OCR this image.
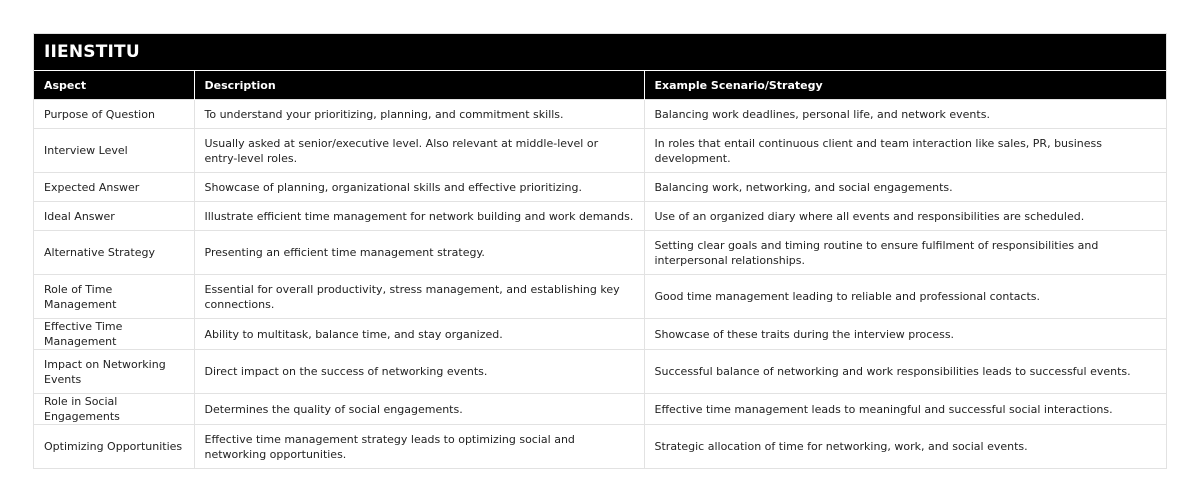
IIENSTITU
Aspect	Description	Example Scenario/Strategy
Purpose of Question	To understand your prioritizing, planning, and commitment skills.	Balancing work deadlines, personal life, and network events.
Interview Level	Usually asked at senior/executive level. Also relevant at middle-level or entry-level roles.	In roles that entail continuous client and team interaction like sales, PR, business development.
Expected Answer	Showcase of planning, organizational skills and effective prioritizing.	Balancing work, networking, and social engagements.
Ideal Answer	Illustrate efficient time management for network building and work demands.	Use of an organized diary where all events and responsibilities are scheduled.
Alternative Strategy	Presenting an efficient time management strategy.	Setting clear goals and timing routine to ensure fulfilment of responsibilities and interpersonal relationships.
Role of Time Management	Essential for overall productivity, stress management, and establishing key connections.	Good time management leading to reliable and professional contacts.
Effective Time Management	Ability to multitask, balance time, and stay organized.	Showcase of these traits during the interview process.
Impact on Networking Events	Direct impact on the success of networking events.	Successful balance of networking and work responsibilities leads to successful events.
Role in Social Engagements	Determines the quality of social engagements.	Effective time management leads to meaningful and successful social interactions.
Optimizing Opportunities	Effective time management strategy leads to optimizing social and networking opportunities.	Strategic allocation of time for networking, work, and social events.
